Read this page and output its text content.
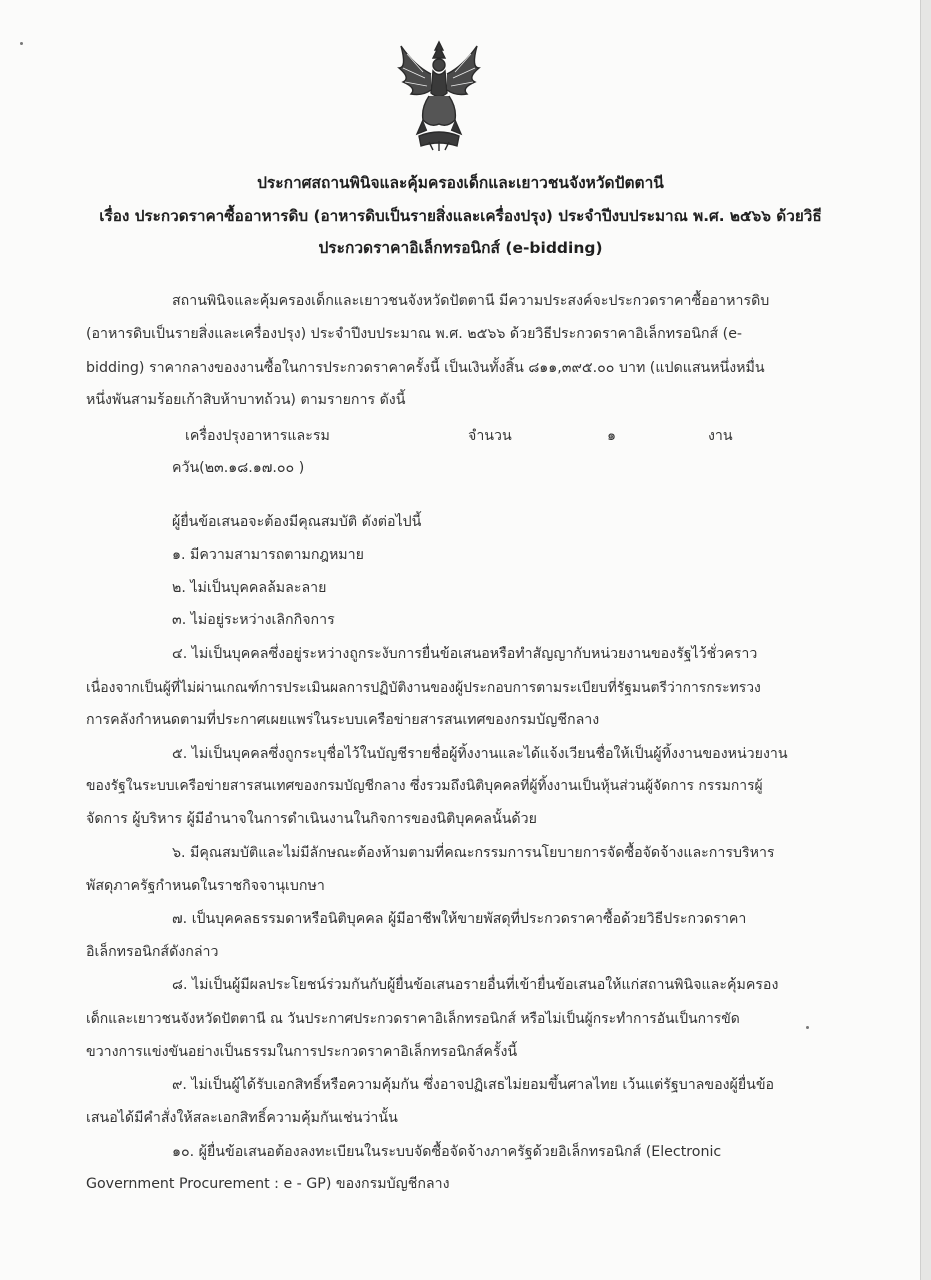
ประกาศสถานพินิจและคุ้มครองเด็กและเยาวชนจังหวัดปัตตานี
เรื่อง ประกวดราคาซื้ออาหารดิบ (อาหารดิบเป็นรายสิ่งและเครื่องปรุง) ประจำปีงบประมาณ พ.ศ. ๒๕๖๖ ด้วยวิธี
ประกวดราคาอิเล็กทรอนิกส์ (e-bidding)
สถานพินิจและคุ้มครองเด็กและเยาวชนจังหวัดปัตตานี มีความประสงค์จะประกวดราคาซื้ออาหารดิบ
(อาหารดิบเป็นรายสิ่งและเครื่องปรุง) ประจำปีงบประมาณ พ.ศ. ๒๕๖๖ ด้วยวิธีประกวดราคาอิเล็กทรอนิกส์ (e-
bidding) ราคากลางของงานซื้อในการประกวดราคาครั้งนี้ เป็นเงินทั้งสิ้น ๘๑๑,๓๙๕.๐๐ บาท (แปดแสนหนึ่งหมื่น
หนึ่งพันสามร้อยเก้าสิบห้าบาทถ้วน) ตามรายการ ดังนี้
เครื่องปรุงอาหารและรม	จำนวน	๑	งาน
ควัน(๒๓.๑๘.๑๗.๐๐ )
ผู้ยื่นข้อเสนอจะต้องมีคุณสมบัติ ดังต่อไปนี้
๑. มีความสามารถตามกฎหมาย
๒. ไม่เป็นบุคคลล้มละลาย
๓. ไม่อยู่ระหว่างเลิกกิจการ
๔. ไม่เป็นบุคคลซึ่งอยู่ระหว่างถูกระงับการยื่นข้อเสนอหรือทำสัญญากับหน่วยงานของรัฐไว้ชั่วคราว
เนื่องจากเป็นผู้ที่ไม่ผ่านเกณฑ์การประเมินผลการปฏิบัติงานของผู้ประกอบการตามระเบียบที่รัฐมนตรีว่าการกระทรวง
การคลังกำหนดตามที่ประกาศเผยแพร่ในระบบเครือข่ายสารสนเทศของกรมบัญชีกลาง
๕. ไม่เป็นบุคคลซึ่งถูกระบุชื่อไว้ในบัญชีรายชื่อผู้ทิ้งงานและได้แจ้งเวียนชื่อให้เป็นผู้ทิ้งงานของหน่วยงาน
ของรัฐในระบบเครือข่ายสารสนเทศของกรมบัญชีกลาง ซึ่งรวมถึงนิติบุคคลที่ผู้ทิ้งงานเป็นหุ้นส่วนผู้จัดการ กรรมการผู้
จัดการ ผู้บริหาร ผู้มีอำนาจในการดำเนินงานในกิจการของนิติบุคคลนั้นด้วย
๖. มีคุณสมบัติและไม่มีลักษณะต้องห้ามตามที่คณะกรรมการนโยบายการจัดซื้อจัดจ้างและการบริหาร
พัสดุภาครัฐกำหนดในราชกิจจานุเบกษา
๗. เป็นบุคคลธรรมดาหรือนิติบุคคล ผู้มีอาชีพให้ขายพัสดุที่ประกวดราคาซื้อด้วยวิธีประกวดราคา
อิเล็กทรอนิกส์ดังกล่าว
๘. ไม่เป็นผู้มีผลประโยชน์ร่วมกันกับผู้ยื่นข้อเสนอรายอื่นที่เข้ายื่นข้อเสนอให้แก่สถานพินิจและคุ้มครอง
เด็กและเยาวชนจังหวัดปัตตานี ณ วันประกาศประกวดราคาอิเล็กทรอนิกส์ หรือไม่เป็นผู้กระทำการอันเป็นการขัด
ขวางการแข่งขันอย่างเป็นธรรมในการประกวดราคาอิเล็กทรอนิกส์ครั้งนี้
๙. ไม่เป็นผู้ได้รับเอกสิทธิ์หรือความคุ้มกัน ซึ่งอาจปฏิเสธไม่ยอมขึ้นศาลไทย เว้นแต่รัฐบาลของผู้ยื่นข้อ
เสนอได้มีคำสั่งให้สละเอกสิทธิ์ความคุ้มกันเช่นว่านั้น
๑๐. ผู้ยื่นข้อเสนอต้องลงทะเบียนในระบบจัดซื้อจัดจ้างภาครัฐด้วยอิเล็กทรอนิกส์ (Electronic
Government Procurement : e - GP) ของกรมบัญชีกลาง
